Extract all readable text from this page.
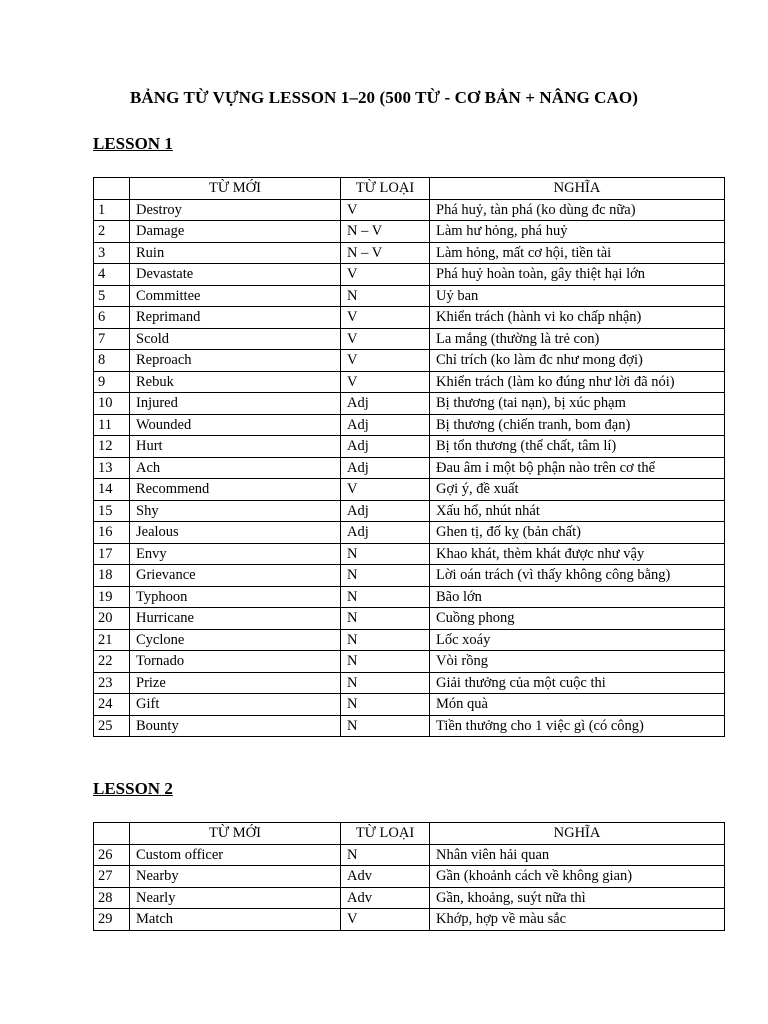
BẢNG TỪ VỰNG LESSON 1–20 (500 TỪ - CƠ BẢN + NÂNG CAO)
LESSON 1
	TỪ MỚI	TỪ LOẠI	NGHĨA
1	Destroy	V	Phá huỷ, tàn phá (ko dùng đc nữa)
2	Damage	N – V	Làm hư hỏng, phá huỷ
3	Ruin	N – V	Làm hỏng, mất cơ hội, tiền tài
4	Devastate	V	Phá huỷ hoàn toàn, gây thiệt hại lớn
5	Committee	N	Uỷ ban
6	Reprimand	V	Khiển trách (hành vi ko chấp nhận)
7	Scold	V	La mắng (thường là trẻ con)
8	Reproach	V	Chỉ trích (ko làm đc như mong đợi)
9	Rebuk	V	Khiển trách (làm ko đúng như lời đã nói)
10	Injured	Adj	Bị thương (tai nạn), bị xúc phạm
11	Wounded	Adj	Bị thương (chiến tranh, bom đạn)
12	Hurt	Adj	Bị tổn thương (thể chất, tâm lí)
13	Ach	Adj	Đau âm ỉ một bộ phận nào trên cơ thể
14	Recommend	V	Gợi ý, đề xuất
15	Shy	Adj	Xấu hổ, nhút nhát
16	Jealous	Adj	Ghen tị, đố kỵ (bản chất)
17	Envy	N	Khao khát, thèm khát được như vậy
18	Grievance	N	Lời oán trách (vì thấy không công bằng)
19	Typhoon	N	Bão lớn
20	Hurricane	N	Cuồng phong
21	Cyclone	N	Lốc xoáy
22	Tornado	N	Vòi rồng
23	Prize	N	Giải thưởng của một cuộc thi
24	Gift	N	Món quà
25	Bounty	N	Tiền thưởng cho 1 việc gì (có công)
LESSON 2
	TỪ MỚI	TỪ LOẠI	NGHĨA
26	Custom officer	N	Nhân viên hải quan
27	Nearby	Adv	Gần (khoảnh cách về không gian)
28	Nearly	Adv	Gần, khoảng, suýt nữa thì
29	Match	V	Khớp, hợp về màu sắc
